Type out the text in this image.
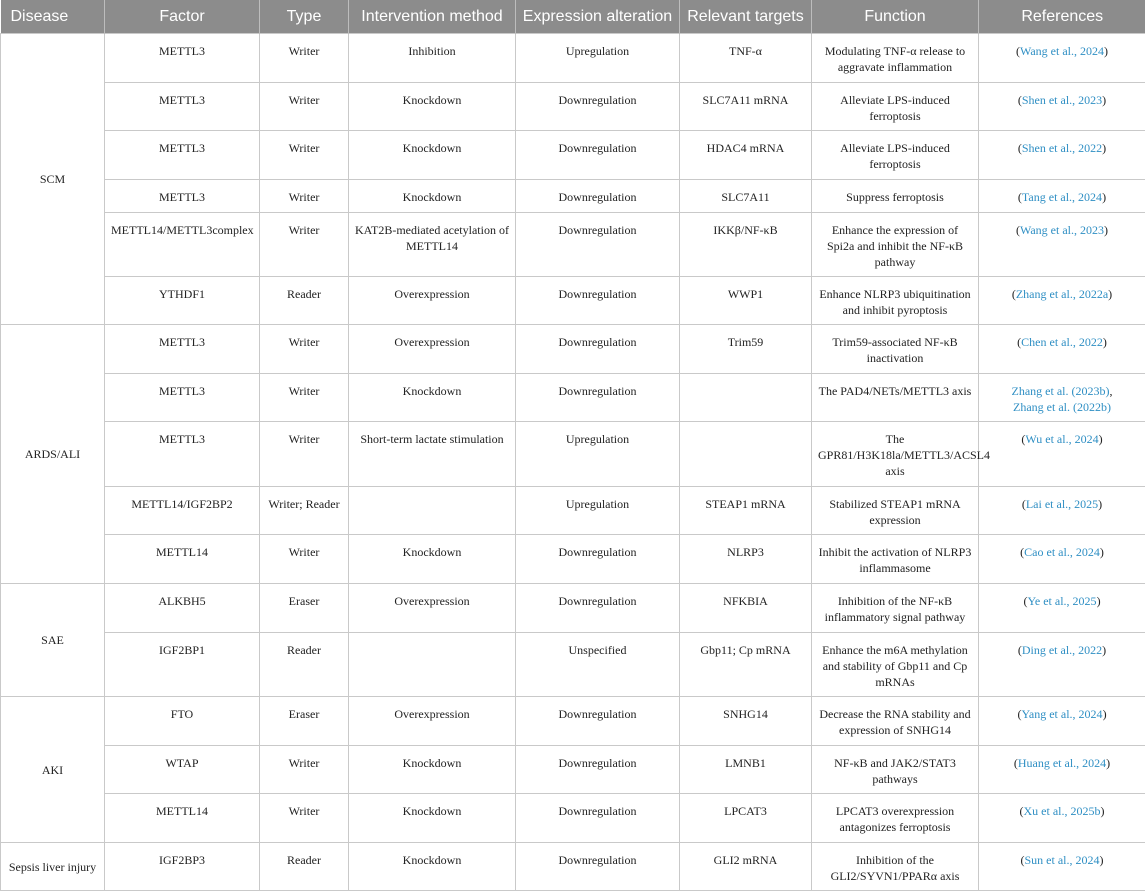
Disease	Factor	Type	Intervention method	Expression alteration	Relevant targets	Function	References
SCM	METTL3	Writer	Inhibition	Upregulation	TNF-α	Modulating TNF-α release to aggravate inflammation	(Wang et al., 2024)
	METTL3	Writer	Knockdown	Downregulation	SLC7A11 mRNA	Alleviate LPS-induced ferroptosis	(Shen et al., 2023)
	METTL3	Writer	Knockdown	Downregulation	HDAC4 mRNA	Alleviate LPS-induced ferroptosis	(Shen et al., 2022)
	METTL3	Writer	Knockdown	Downregulation	SLC7A11	Suppress ferroptosis	(Tang et al., 2024)
	METTL14/METTL3complex	Writer	KAT2B-mediated acetylation of METTL14	Downregulation	IKKβ/NF-κB	Enhance the expression of Spi2a and inhibit the NF-κB pathway	(Wang et al., 2023)
	YTHDF1	Reader	Overexpression	Downregulation	WWP1	Enhance NLRP3 ubiquitination and inhibit pyroptosis	(Zhang et al., 2022a)
ARDS/ALI	METTL3	Writer	Overexpression	Downregulation	Trim59	Trim59-associated NF-κB inactivation	(Chen et al., 2022)
	METTL3	Writer	Knockdown	Downregulation		The PAD4/NETs/METTL3 axis	Zhang et al. (2023b),
Zhang et al. (2022b)
	METTL3	Writer	Short-term lactate stimulation	Upregulation		The GPR81/H3K18la/METTL3/ACSL4 axis	(Wu et al., 2024)
	METTL14/IGF2BP2	Writer; Reader		Upregulation	STEAP1 mRNA	Stabilized STEAP1 mRNA expression	(Lai et al., 2025)
	METTL14	Writer	Knockdown	Downregulation	NLRP3	Inhibit the activation of NLRP3 inflammasome	(Cao et al., 2024)
SAE	ALKBH5	Eraser	Overexpression	Downregulation	NFKBIA	Inhibition of the NF-κB inflammatory signal pathway	(Ye et al., 2025)
	IGF2BP1	Reader		Unspecified	Gbp11; Cp mRNA	Enhance the m6A methylation and stability of Gbp11 and Cp mRNAs	(Ding et al., 2022)
AKI	FTO	Eraser	Overexpression	Downregulation	SNHG14	Decrease the RNA stability and expression of SNHG14	(Yang et al., 2024)
	WTAP	Writer	Knockdown	Downregulation	LMNB1	NF-κB and JAK2/STAT3 pathways	(Huang et al., 2024)
	METTL14	Writer	Knockdown	Downregulation	LPCAT3	LPCAT3 overexpression antagonizes ferroptosis	(Xu et al., 2025b)
Sepsis liver injury	IGF2BP3	Reader	Knockdown	Downregulation	GLI2 mRNA	Inhibition of the GLI2/SYVN1/PPARα axis	(Sun et al., 2024)
